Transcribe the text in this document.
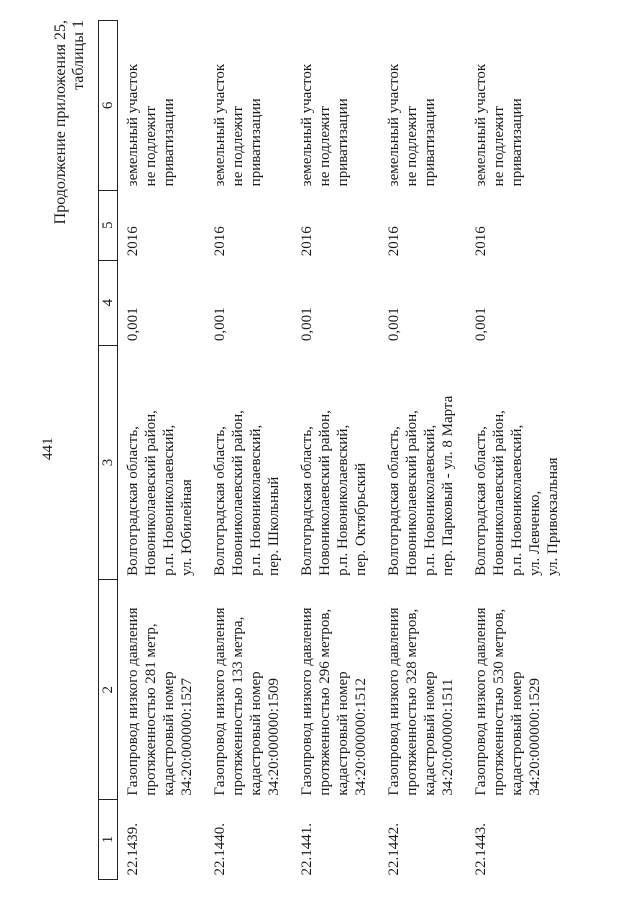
441
Продолжение приложения 25,
таблицы 1
1	2	3	4	5	6
22.1439.	Газопровод низкого давления
протяженностью 281 метр,
кадастровый номер
34:20:000000:1527	Волгоградская область,
Новониколаевский район,
р.п. Новониколаевский,
ул. Юбилейная	0,001	2016	земельный участок
не подлежит
приватизации
22.1440.	Газопровод низкого давления
протяженностью 133 метра,
кадастровый номер
34:20:000000:1509	Волгоградская область,
Новониколаевский район,
р.п. Новониколаевский,
пер. Школьный	0,001	2016	земельный участок
не подлежит
приватизации
22.1441.	Газопровод низкого давления
протяженностью 296 метров,
кадастровый номер
34:20:000000:1512	Волгоградская область,
Новониколаевский район,
р.п. Новониколаевский,
пер. Октябрьский	0,001	2016	земельный участок
не подлежит
приватизации
22.1442.	Газопровод низкого давления
протяженностью 328 метров,
кадастровый номер
34:20:000000:1511	Волгоградская область,
Новониколаевский район,
р.п. Новониколаевский,
пер. Парковый - ул. 8 Марта	0,001	2016	земельный участок
не подлежит
приватизации
22.1443.	Газопровод низкого давления
протяженностью 530 метров,
кадастровый номер
34:20:000000:1529	Волгоградская область,
Новониколаевский район,
р.п. Новониколаевский,
ул. Левченко,
ул. Привокзальная	0,001	2016	земельный участок
не подлежит
приватизации
